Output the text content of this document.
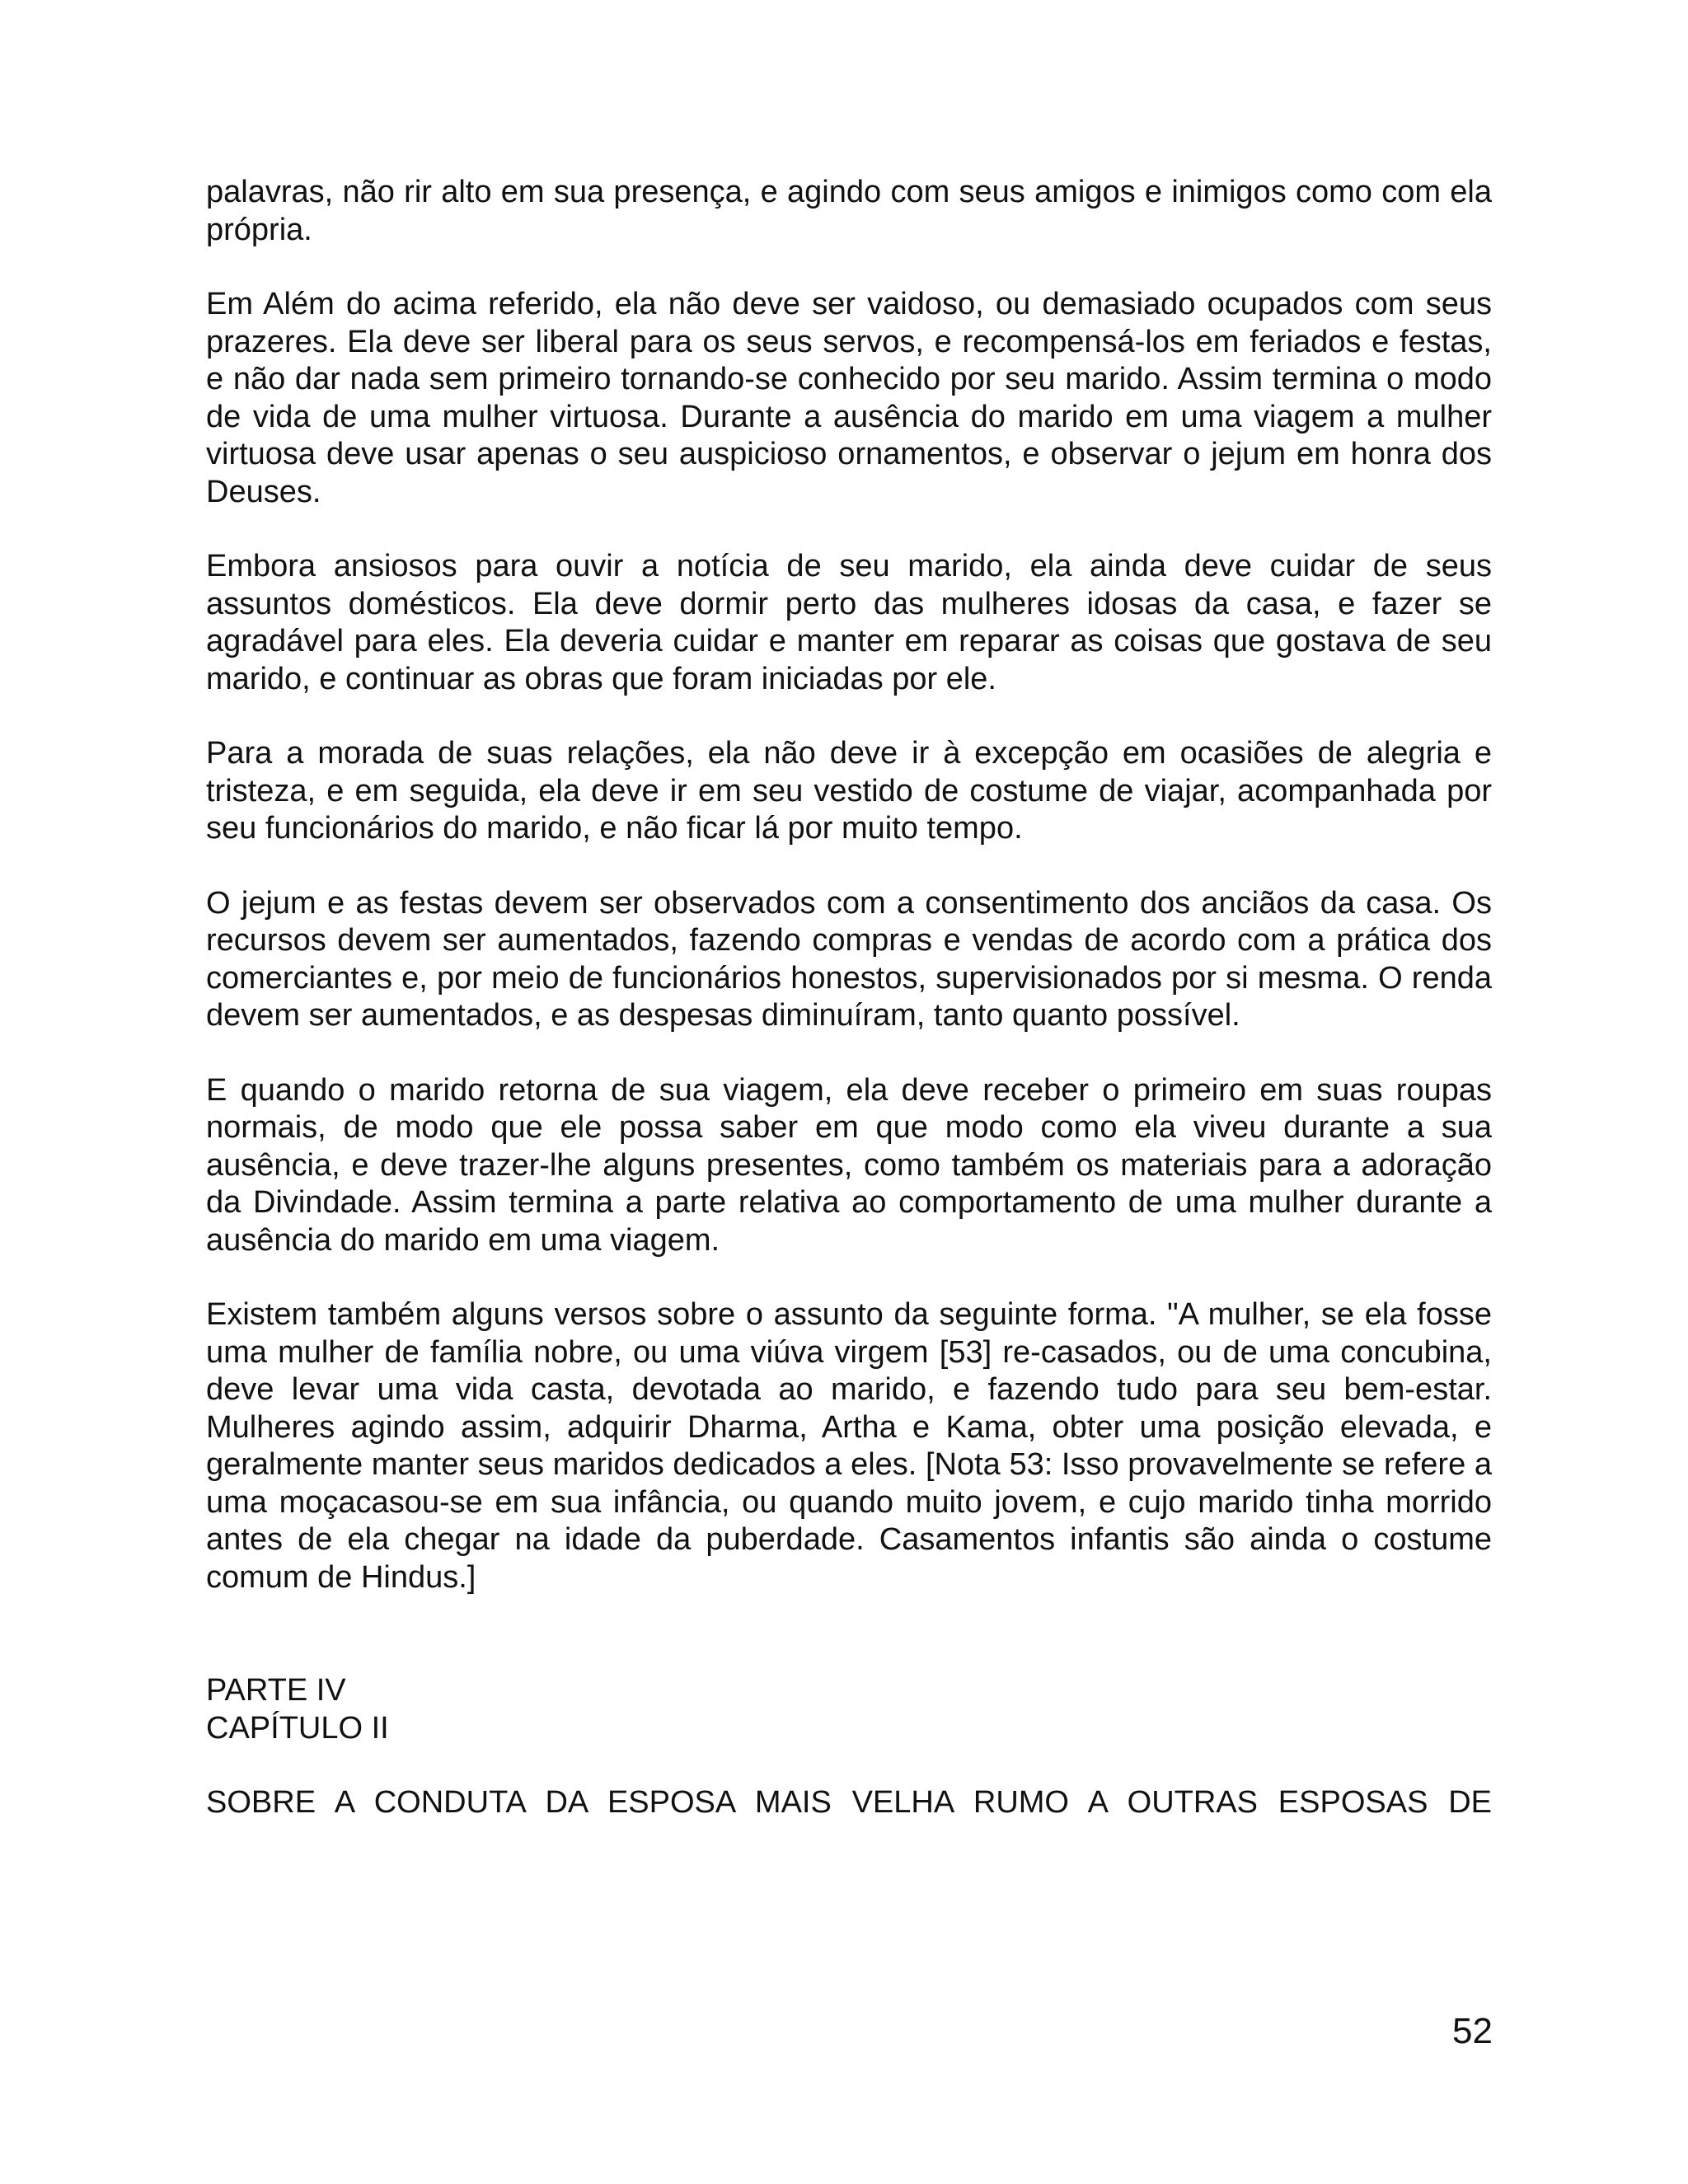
palavras, não rir alto em sua presença, e agindo com seus amigos e inimigos como com ela própria.

Em Além do acima referido, ela não deve ser vaidoso, ou demasiado ocupados com seus prazeres. Ela deve ser liberal para os seus servos, e recompensá-los em feriados e festas, e não dar nada sem primeiro tornando-se conhecido por seu marido. Assim termina o modo de vida de uma mulher virtuosa. Durante a ausência do marido em uma viagem a mulher virtuosa deve usar apenas o seu auspicioso ornamentos, e observar o jejum em honra dos Deuses.

Embora ansiosos para ouvir a notícia de seu marido, ela ainda deve cuidar de seus assuntos domésticos. Ela deve dormir perto das mulheres idosas da casa, e fazer se agradável para eles. Ela deveria cuidar e manter em reparar as coisas que gostava de seu marido, e continuar as obras que foram iniciadas por ele.

Para a morada de suas relações, ela não deve ir à excepção em ocasiões de alegria e tristeza, e em seguida, ela deve ir em seu vestido de costume de viajar, acompanhada por seu funcionários do marido, e não ficar lá por muito tempo.

O jejum e as festas devem ser observados com a consentimento dos anciãos da casa. Os recursos devem ser aumentados, fazendo compras e vendas de acordo com a prática dos comerciantes e, por meio de funcionários honestos, supervisionados por si mesma. O renda devem ser aumentados, e as despesas diminuíram, tanto quanto possível.

E quando o marido retorna de sua viagem, ela deve receber o primeiro em suas roupas normais, de modo que ele possa saber em que modo como ela viveu durante a sua ausência, e deve trazer-lhe alguns presentes, como também os materiais para a adoração da Divindade. Assim termina a parte relativa ao comportamento de uma mulher durante a ausência do marido em uma viagem.

Existem também alguns versos sobre o assunto da seguinte forma. "A mulher, se ela fosse uma mulher de família nobre, ou uma viúva virgem [53] re-casados, ou de uma concubina, deve levar uma vida casta, devotada ao marido, e fazendo tudo para seu bem-estar. Mulheres agindo assim, adquirir Dharma, Artha e Kama, obter uma posição elevada, e geralmente manter seus maridos dedicados a eles. [Nota 53: Isso provavelmente se refere a uma moçacasou-se em sua infância, ou quando muito jovem, e cujo marido tinha morrido antes de ela chegar na idade da puberdade. Casamentos infantis são ainda o costume comum de Hindus.]

PARTE IV
CAPÍTULO II

SOBRE A CONDUTA DA ESPOSA MAIS VELHA RUMO A OUTRAS ESPOSAS DE

52
